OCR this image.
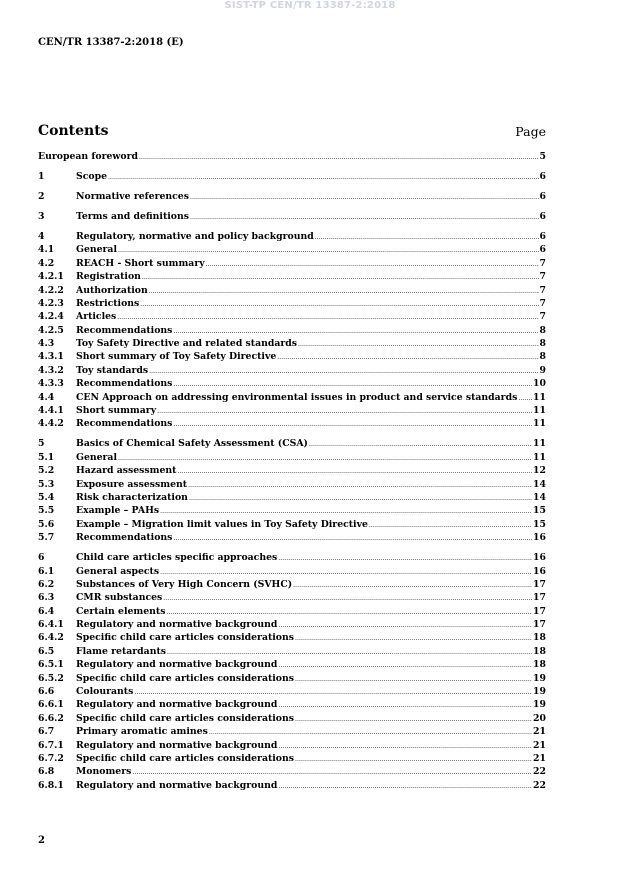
SIST-TP CEN/TR 13387-2:2018
CEN/TR 13387-2:2018 (E)
Contents	Page
European foreword .....	5
1	Scope .....	6
2	Normative references .....	6
3	Terms and definitions .....	6
4	Regulatory, normative and policy background .....	6
4.1	General .....	6
4.2	REACH - Short summary .....	7
4.2.1	Registration .....	7
4.2.2	Authorization .....	7
4.2.3	Restrictions .....	7
4.2.4	Articles .....	7
4.2.5	Recommendations .....	8
4.3	Toy Safety Directive and related standards .....	8
4.3.1	Short summary of Toy Safety Directive .....	8
4.3.2	Toy standards .....	9
4.3.3	Recommendations .....	10
4.4	CEN Approach on addressing environmental issues in product and service standards ..... 11
4.4.1	Short summary .....	11
4.4.2	Recommendations .....	11
5	Basics of Chemical Safety Assessment (CSA) .....	11
5.1	General .....	11
5.2	Hazard assessment .....	12
5.3	Exposure assessment .....	14
5.4	Risk characterization .....	14
5.5	Example – PAHs .....	15
5.6	Example – Migration limit values in Toy Safety Directive .....	15
5.7	Recommendations .....	16
6	Child care articles specific approaches .....	16
6.1	General aspects .....	16
6.2	Substances of Very High Concern (SVHC) .....	17
6.3	CMR substances .....	17
6.4	Certain elements .....	17
6.4.1	Regulatory and normative background .....	17
6.4.2	Specific child care articles considerations .....	18
6.5	Flame retardants .....	18
6.5.1	Regulatory and normative background .....	18
6.5.2	Specific child care articles considerations .....	19
6.6	Colourants .....	19
6.6.1	Regulatory and normative background .....	19
6.6.2	Specific child care articles considerations .....	20
6.7	Primary aromatic amines .....	21
6.7.1	Regulatory and normative background .....	21
6.7.2	Specific child care articles considerations .....	21
6.8	Monomers .....	22
6.8.1	Regulatory and normative background .....	22
2
